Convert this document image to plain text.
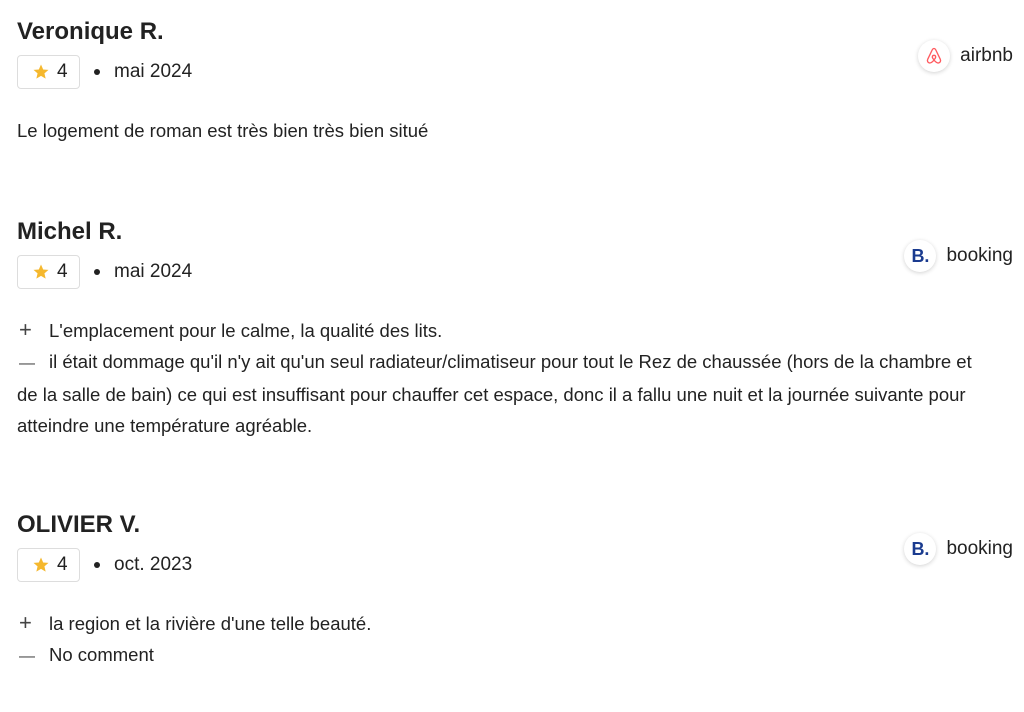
Veronique R.
4 mai 2024
airbnb
Le logement de roman est très bien très bien situé
Michel R.
4 mai 2024
B. booking
+ L'emplacement pour le calme, la qualité des lits.
— il était dommage qu'il n'y ait qu'un seul radiateur/climatiseur pour tout le Rez de chaussée (hors de la chambre et
de la salle de bain) ce qui est insuffisant pour chauffer cet espace, donc il a fallu une nuit et la journée suivante pour
atteindre une température agréable.
OLIVIER V.
4 oct. 2023
B. booking
+ la region et la rivière d'une telle beauté.
— No comment
